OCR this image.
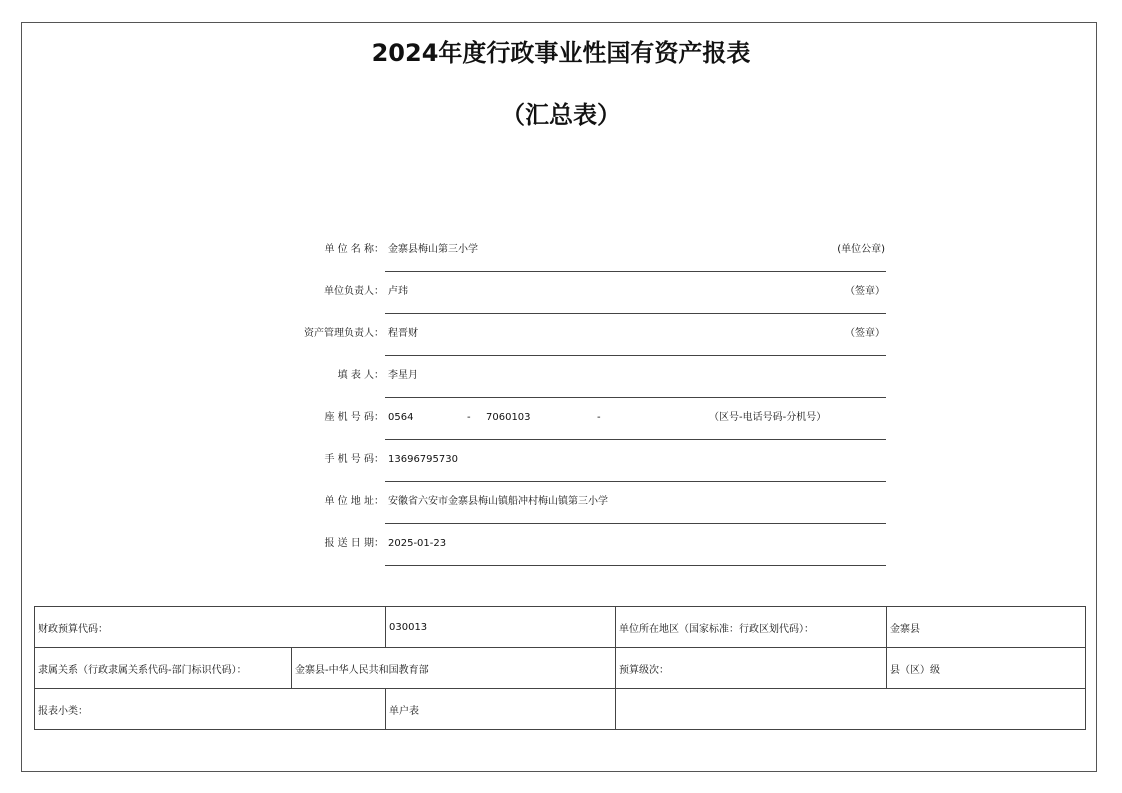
2024年度行政事业性国有资产报表
（汇总表）
单 位 名 称： 金寨县梅山第三小学	(单位公章)
单位负责人： 卢玮	（签章）
资产管理负责人： 程晋财	（签章）
填 表 人： 李星月
座 机 号 码： 0564	- 7060103	-	（区号-电话号码-分机号）
手 机 号 码： 13696795730
单 位 地 址： 安徽省六安市金寨县梅山镇船冲村梅山镇第三小学
报 送 日 期： 2025-01-23
财政预算代码：		030013	单位所在地区（国家标准：行政区划代码）：	金寨县
隶属关系（行政隶属关系代码-部门标识代码）：	金寨县-中华人民共和国教育部		预算级次：	县（区）级
报表小类：		单户表		
